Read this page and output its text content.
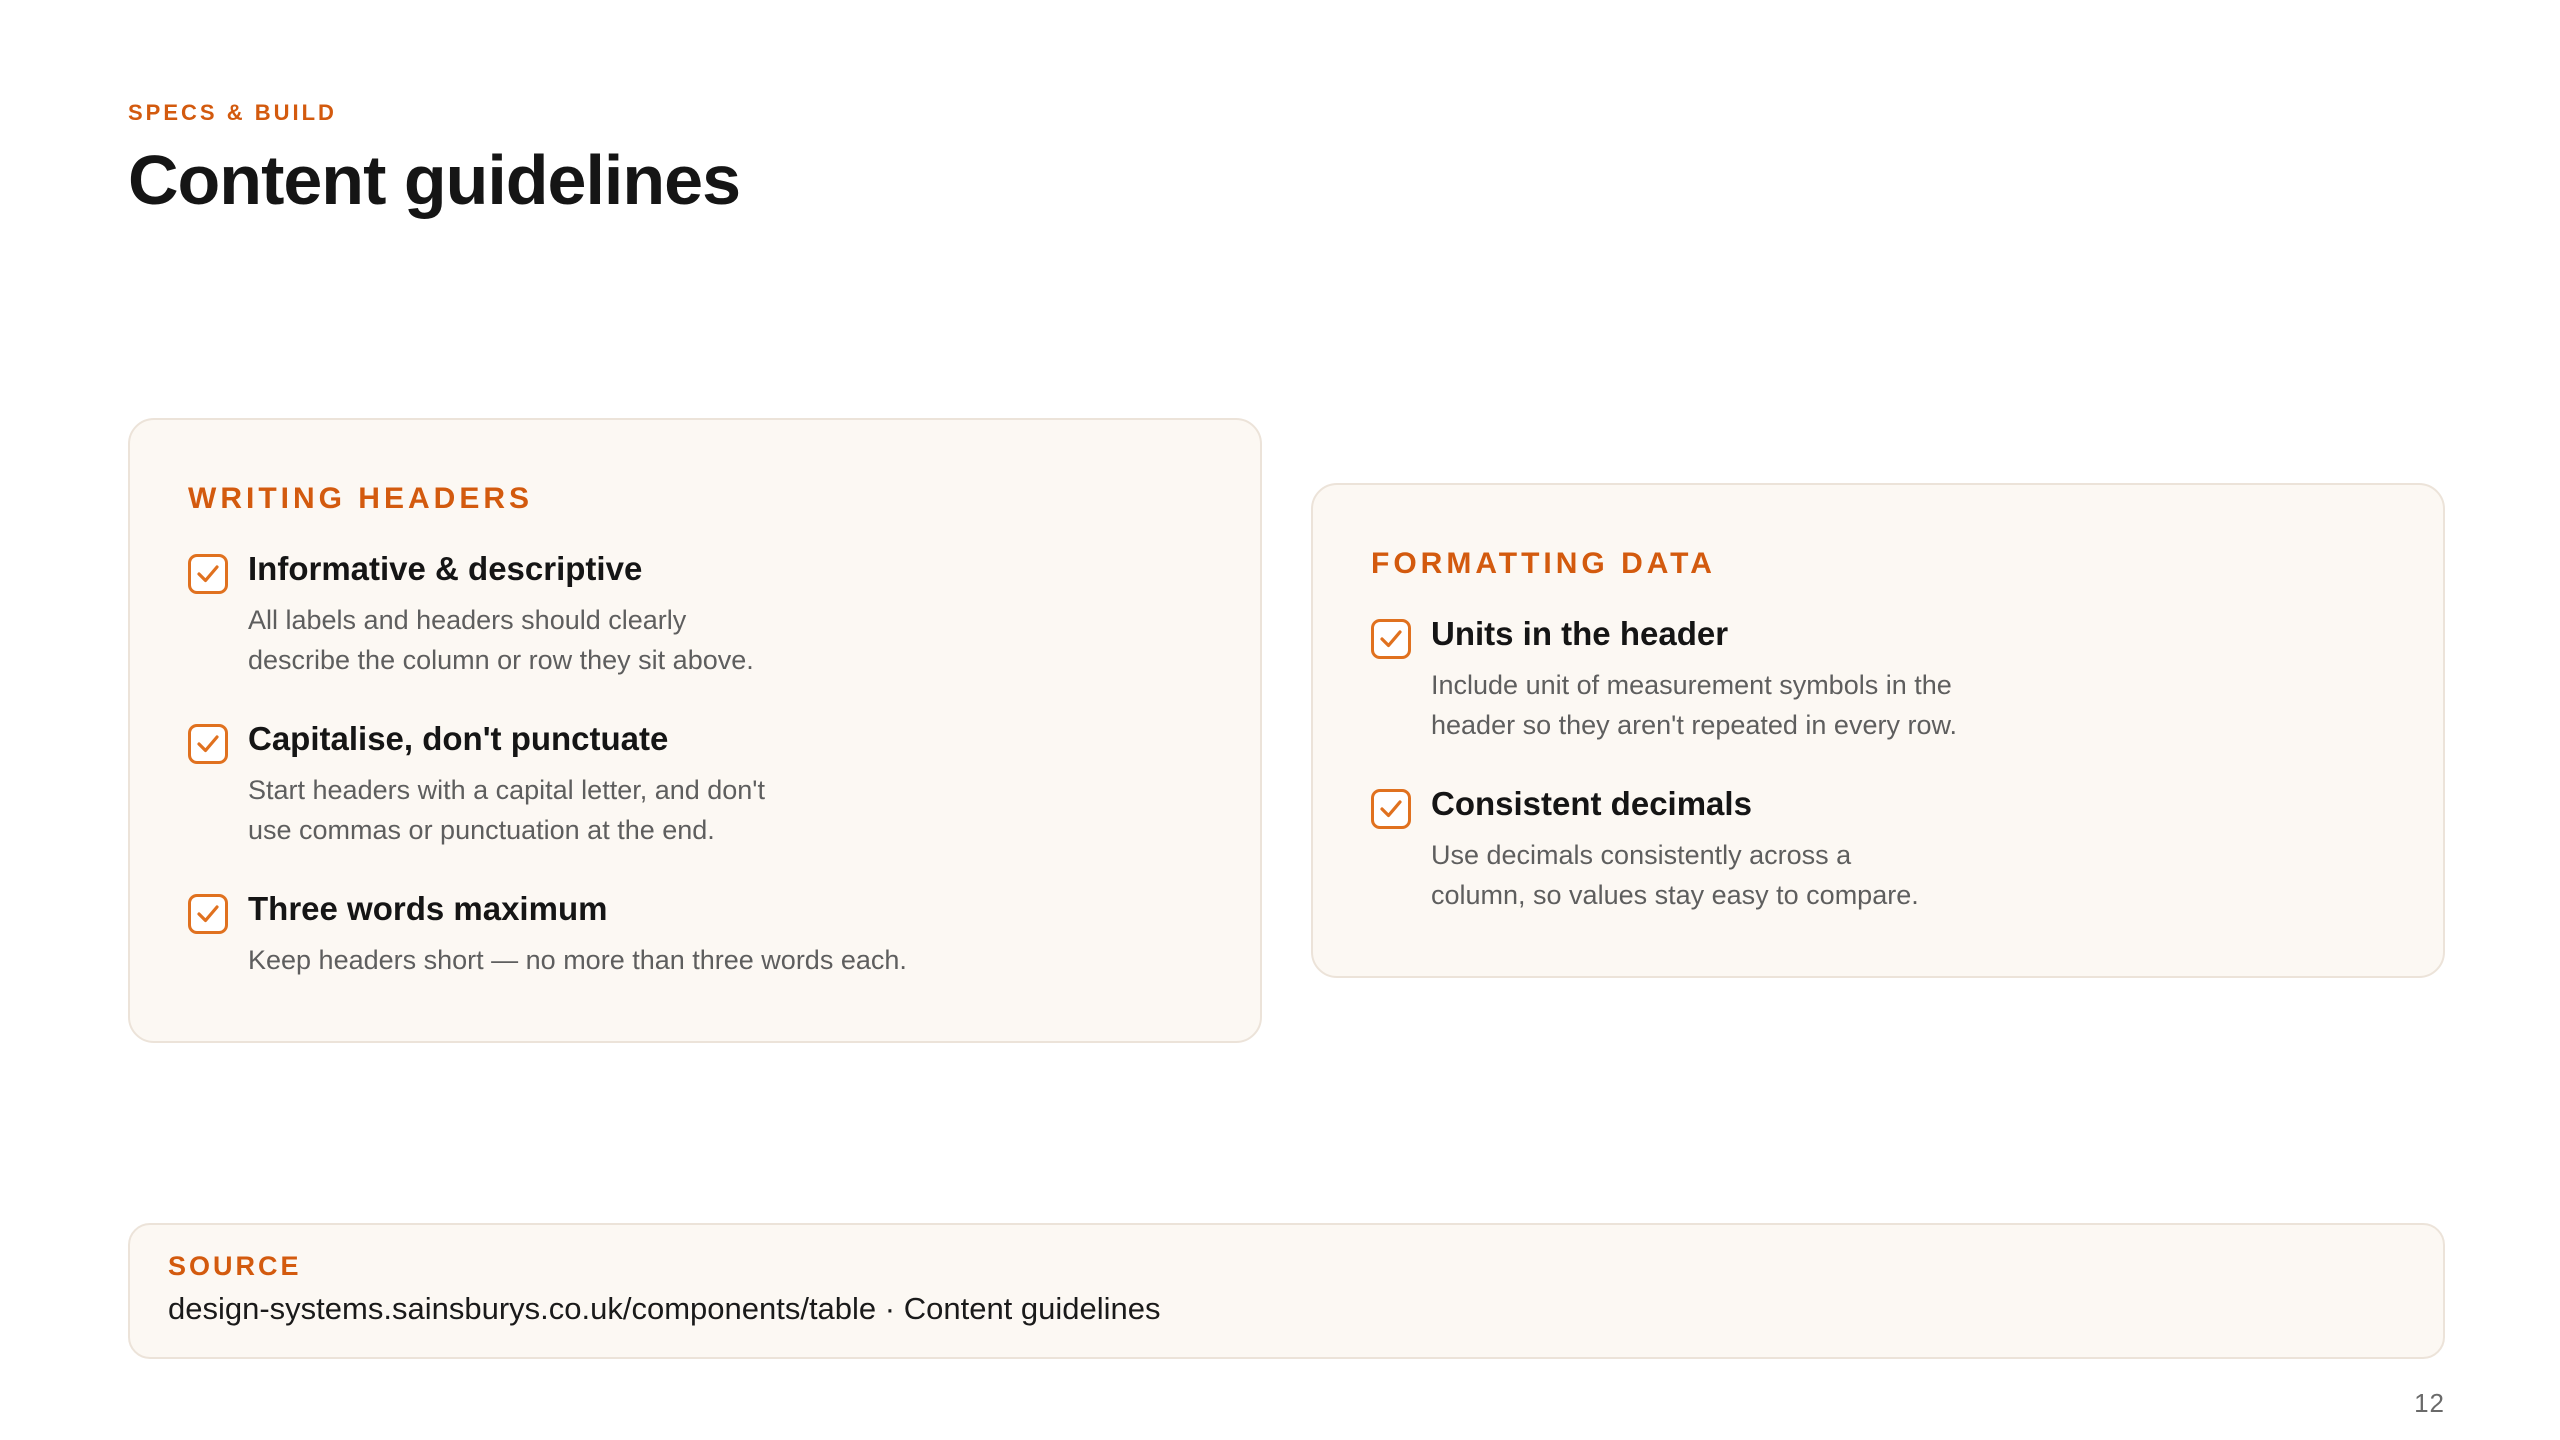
SPECS & BUILD
Content guidelines
WRITING HEADERS
Informative & descriptive
All labels and headers should clearly
describe the column or row they sit above.
Capitalise, don't punctuate
Start headers with a capital letter, and don't
use commas or punctuation at the end.
Three words maximum
Keep headers short — no more than three words each.
FORMATTING DATA
Units in the header
Include unit of measurement symbols in the
header so they aren't repeated in every row.
Consistent decimals
Use decimals consistently across a
column, so values stay easy to compare.
SOURCE
design-systems.sainsburys.co.uk/components/table · Content guidelines
12
